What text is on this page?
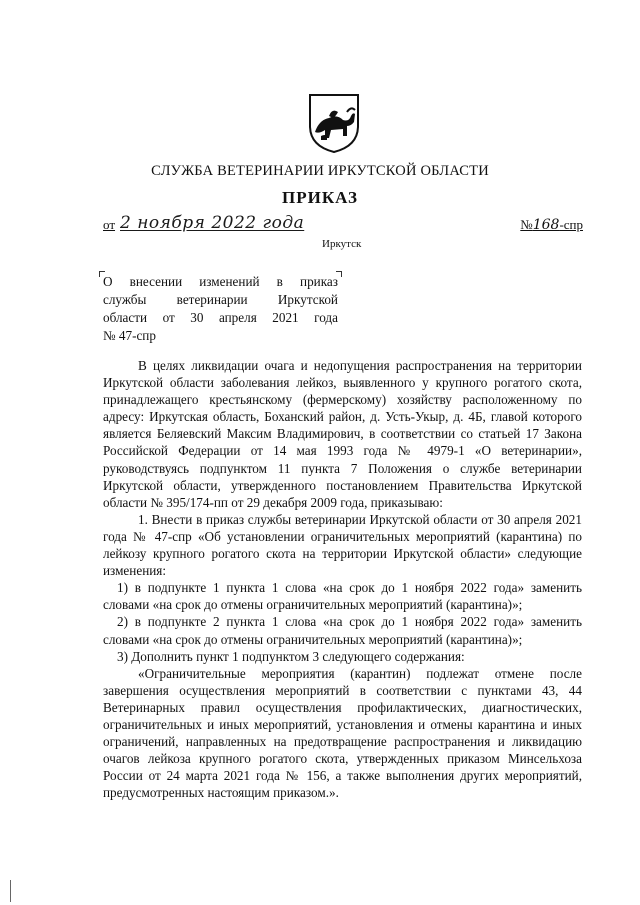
СЛУЖБА ВЕТЕРИНАРИИ ИРКУТСКОЙ ОБЛАСТИ
ПРИКАЗ
от 2 ноября 2022 года	№168-спр
Иркутск
О внесении изменений в приказ
службы ветеринарии Иркутской
области от 30 апреля 2021 года
№ 47-спр

В целях ликвидации очага и недопущения распространения на территории Иркутской области заболевания лейкоз, выявленного у крупного рогатого скота, принадлежащего крестьянскому (фермерскому) хозяйству расположенному по адресу: Иркутская область, Боханский район, д. Усть-Укыр, д. 4Б, главой которого является Беляевский Максим Владимирович, в соответствии со статьей 17 Закона Российской Федерации от 14 мая 1993 года № 4979-1 «О ветеринарии», руководствуясь подпунктом 11 пункта 7 Положения о службе ветеринарии Иркутской области, утвержденного постановлением Правительства Иркутской области № 395/174-пп от 29 декабря 2009 года, приказываю:

1. Внести в приказ службы ветеринарии Иркутской области от 30 апреля 2021 года № 47-спр «Об установлении ограничительных мероприятий (карантина) по лейкозу крупного рогатого скота на территории Иркутской области» следующие изменения:

1) в подпункте 1 пункта 1 слова «на срок до 1 ноября 2022 года» заменить словами «на срок до отмены ограничительных мероприятий (карантина)»;

2) в подпункте 2 пункта 1 слова «на срок до 1 ноября 2022 года» заменить словами «на срок до отмены ограничительных мероприятий (карантина)»;

3) Дополнить пункт 1 подпунктом 3 следующего содержания:

«Ограничительные мероприятия (карантин) подлежат отмене после завершения осуществления мероприятий в соответствии с пунктами 43, 44 Ветеринарных правил осуществления профилактических, диагностических, ограничительных и иных мероприятий, установления и отмены карантина и иных ограничений, направленных на предотвращение распространения и ликвидацию очагов лейкоза крупного рогатого скота, утвержденных приказом Минсельхоза России от 24 марта 2021 года № 156, а также выполнения других мероприятий, предусмотренных настоящим приказом.».
